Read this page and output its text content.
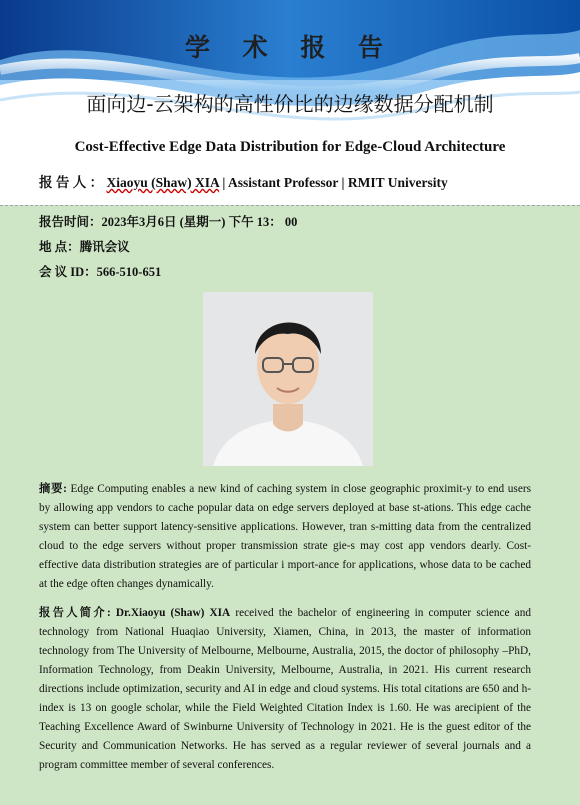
学 术 报 告
面向边-云架构的高性价比的边缘数据分配机制
Cost-Effective Edge Data Distribution for Edge-Cloud Architecture
报 告 人 ： Xiaoyu (Shaw) XIA | Assistant Professor | RMIT University
报告时间：2023年3月6日 (星期一) 下午 13： 00
地 点：腾讯会议
会 议 ID：566-510-651
摘要: Edge Computing enables a new kind of caching system in close geographic proximit-y to end users by allowing app vendors to cache popular data on edge servers deployed at base st-ations. This edge cache system can better support latency-sensitive applications. However, tran s-mitting data from the centralized cloud to the edge servers without proper transmission strate gie-s may cost app vendors dearly. Cost-effective data distribution strategies are of particular i mport-ance for applications, whose data to be cached at the edge often changes dynamically.
报告人简介: Dr.Xiaoyu (Shaw) XIA received the bachelor of engineering in computer science and technology from National Huaqiao University, Xiamen, China, in 2013, the master of information technology from The University of Melbourne, Melbourne, Australia, 2015, the doctor of philosophy –PhD, Information Technology, from Deakin University, Melbourne, Australia, in 2021. His current research directions include optimization, security and AI in edge and cloud systems. His total citations are 650 and h-index is 13 on google scholar, while the Field Weighted Citation Index is 1.60. He was arecipient of the Teaching Excellence Award of Swinburne University of Technology in 2021. He is the guest editor of the Security and Communication Networks. He has served as a regular reviewer of several journals and a program committee member of several conferences.
